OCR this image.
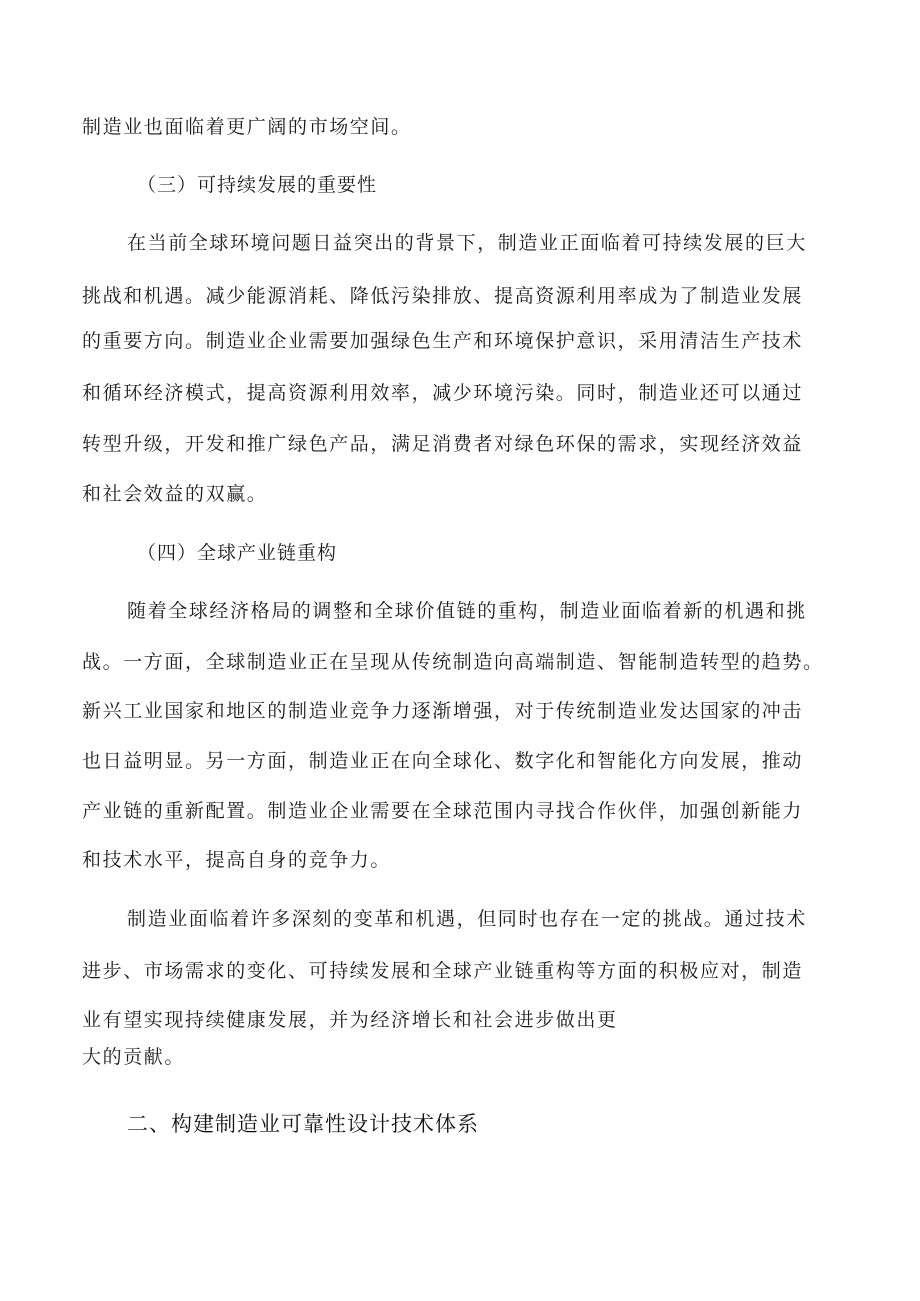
制造业也面临着更广阔的市场空间。
（三）可持续发展的重要性
在当前全球环境问题日益突出的背景下，制造业正面临着可持续发展的巨大
挑战和机遇。减少能源消耗、降低污染排放、提高资源利用率成为了制造业发展
的重要方向。制造业企业需要加强绿色生产和环境保护意识，采用清洁生产技术
和循环经济模式，提高资源利用效率，减少环境污染。同时，制造业还可以通过
转型升级，开发和推广绿色产品，满足消费者对绿色环保的需求，实现经济效益
和社会效益的双赢。
（四）全球产业链重构
随着全球经济格局的调整和全球价值链的重构，制造业面临着新的机遇和挑
战。一方面，全球制造业正在呈现从传统制造向高端制造、智能制造转型的趋势。
新兴工业国家和地区的制造业竞争力逐渐增强，对于传统制造业发达国家的冲击
也日益明显。另一方面，制造业正在向全球化、数字化和智能化方向发展，推动
产业链的重新配置。制造业企业需要在全球范围内寻找合作伙伴，加强创新能力
和技术水平，提高自身的竞争力。
制造业面临着许多深刻的变革和机遇，但同时也存在一定的挑战。通过技术
进步、市场需求的变化、可持续发展和全球产业链重构等方面的积极应对，制造
业有望实现持续健康发展，并为经济增长和社会进步做出更
大的贡献。
二、构建制造业可靠性设计技术体系
